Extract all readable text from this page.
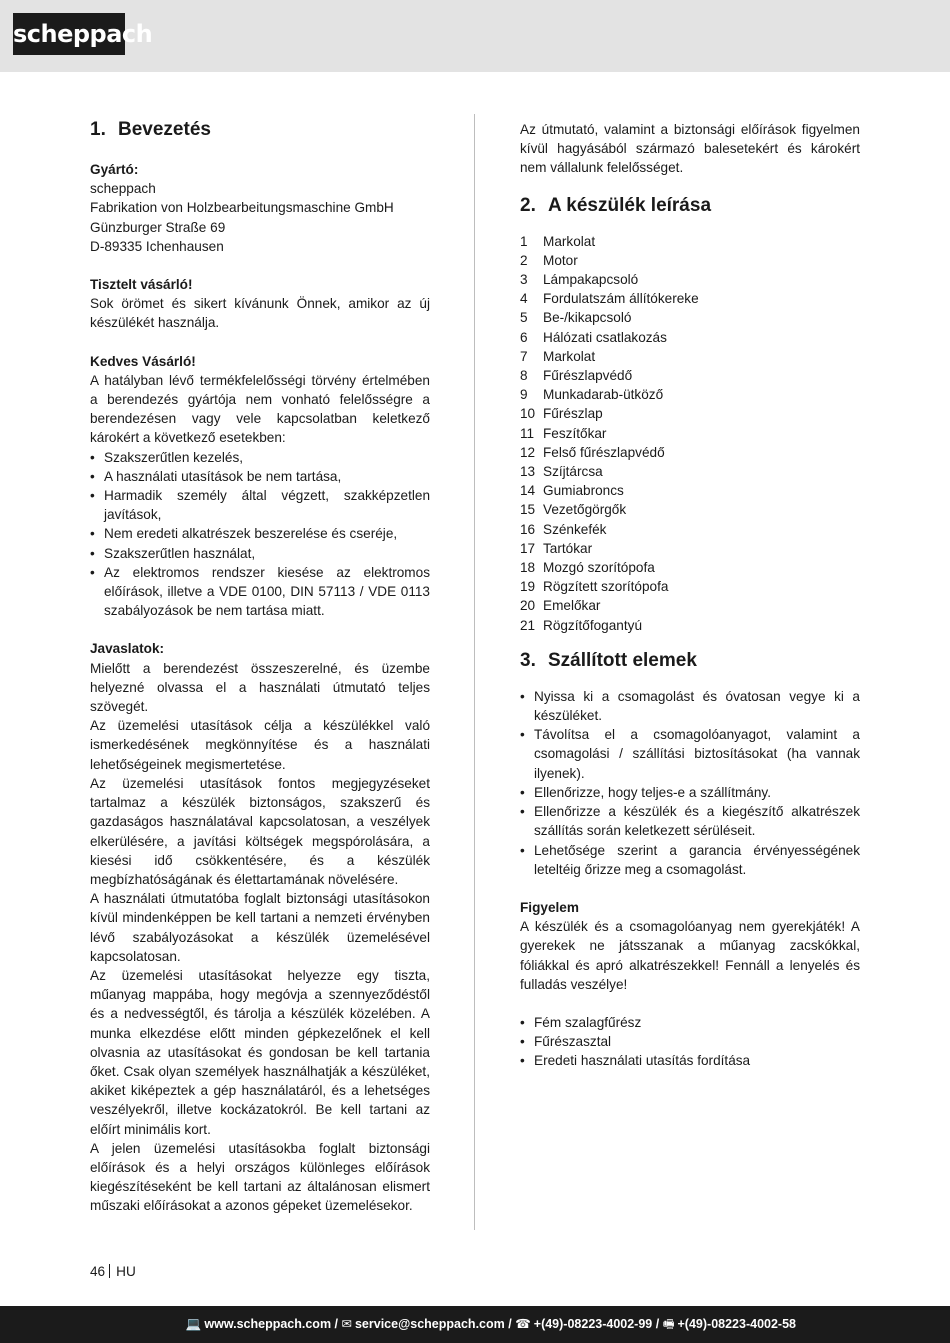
scheppach
1. Bevezetés
Gyártó:
scheppach
Fabrikation von Holzbearbeitungsmaschine GmbH
Günzburger Straße 69
D-89335 Ichenhausen
Tisztelt vásárló!

Sok örömet és sikert kívánunk Önnek, amikor az új készülékét használja.

Kedves Vásárló!

A hatályban lévő termékfelelősségi törvény értelmében a berendezés gyártója nem vonható felelősségre a berendezésen vagy vele kapcsolatban keletkező károkért a következő esetekben:

• Szakszerűtlen kezelés,
• A használati utasítások be nem tartása,
• Harmadik személy által végzett, szakképzetlen javítások,
• Nem eredeti alkatrészek beszerelése és cseréje,
• Szakszerűtlen használat,
• Az elektromos rendszer kiesése az elektromos előírások, illetve a VDE 0100, DIN 57113 / VDE 0113 szabályozások be nem tartása miatt.
Javaslatok:

Mielőtt a berendezést összeszerelné, és üzembe helyezné olvassa el a használati útmutató teljes szövegét.

Az üzemelési utasítások célja a készülékkel való ismerkedésének megkönnyítése és a használati lehetőségeinek megismertetése.

Az üzemelési utasítások fontos megjegyzéseket tartalmaz a készülék biztonságos, szakszerű és gazdaságos használatával kapcsolatosan, a veszélyek elkerülésére, a javítási költségek megspórolására, a kiesési idő csökkentésére, és a készülék megbízhatóságának és élettartamának növelésére.

A használati útmutatóba foglalt biztonsági utasításokon kívül mindenképpen be kell tartani a nemzeti érvényben lévő szabályozásokat a készülék üzemelésével kapcsolatosan.

Az üzemelési utasításokat helyezze egy tiszta, műanyag mappába, hogy megóvja a szennyeződéstől és a nedvességtől, és tárolja a készülék közelében. A munka elkezdése előtt minden gépkezelőnek el kell olvasnia az utasításokat és gondosan be kell tartania őket. Csak olyan személyek használhatják a készüléket, akiket kiképeztek a gép használatáról, és a lehetséges veszélyekről, illetve kockázatokról. Be kell tartani az előírt minimális kort.

A jelen üzemelési utasításokba foglalt biztonsági előírások és a helyi országos különleges előírások kiegészítéseként be kell tartani az általánosan elismert műszaki előírásokat a azonos gépeket üzemelésekor.

Az útmutató, valamint a biztonsági előírások figyelmen kívül hagyásából származó balesetekért és károkért nem vállalunk felelősséget.

2. A készülék leírása
1 Markolat
2 Motor
3 Lámpakapcsoló
4 Fordulatszám állítókereke
5 Be-/kikapcsoló
6 Hálózati csatlakozás
7 Markolat
8 Fűrészlapvédő
9 Munkadarab-ütköző
10 Fűrészlap
11 Feszítőkar
12 Felső fűrészlapvédő
13 Szíjtárcsa
14 Gumiabroncs
15 Vezetőgörgők
16 Szénkefék
17 Tartókar
18 Mozgó szorítópofa
19 Rögzített szorítópofa
20 Emelőkar
21 Rögzítőfogantyú
3. Szállított elemek
• Nyissa ki a csomagolást és óvatosan vegye ki a készüléket.
• Távolítsa el a csomagolóanyagot, valamint a csomagolási / szállítási biztosításokat (ha vannak ilyenek).
• Ellenőrizze, hogy teljes-e a szállítmány.
• Ellenőrizze a készülék és a kiegészítő alkatrészek szállítás során keletkezett sérüléseit.
• Lehetősége szerint a garancia érvényességének leteltéig őrizze meg a csomagolást.
Figyelem

A készülék és a csomagolóanyag nem gyerekjáték! A gyerekek ne játsszanak a műanyag zacskókkal, fóliákkal és apró alkatrészekkel! Fennáll a lenyelés és fulladás veszélye!

• Fém szalagfűrész
• Fűrészasztal
• Eredeti használati utasítás fordítása
46 HU
💻 www.scheppach.com / ✉ service@scheppach.com / ☎ +(49)-08223-4002-99 / 🖷 +(49)-08223-4002-58
